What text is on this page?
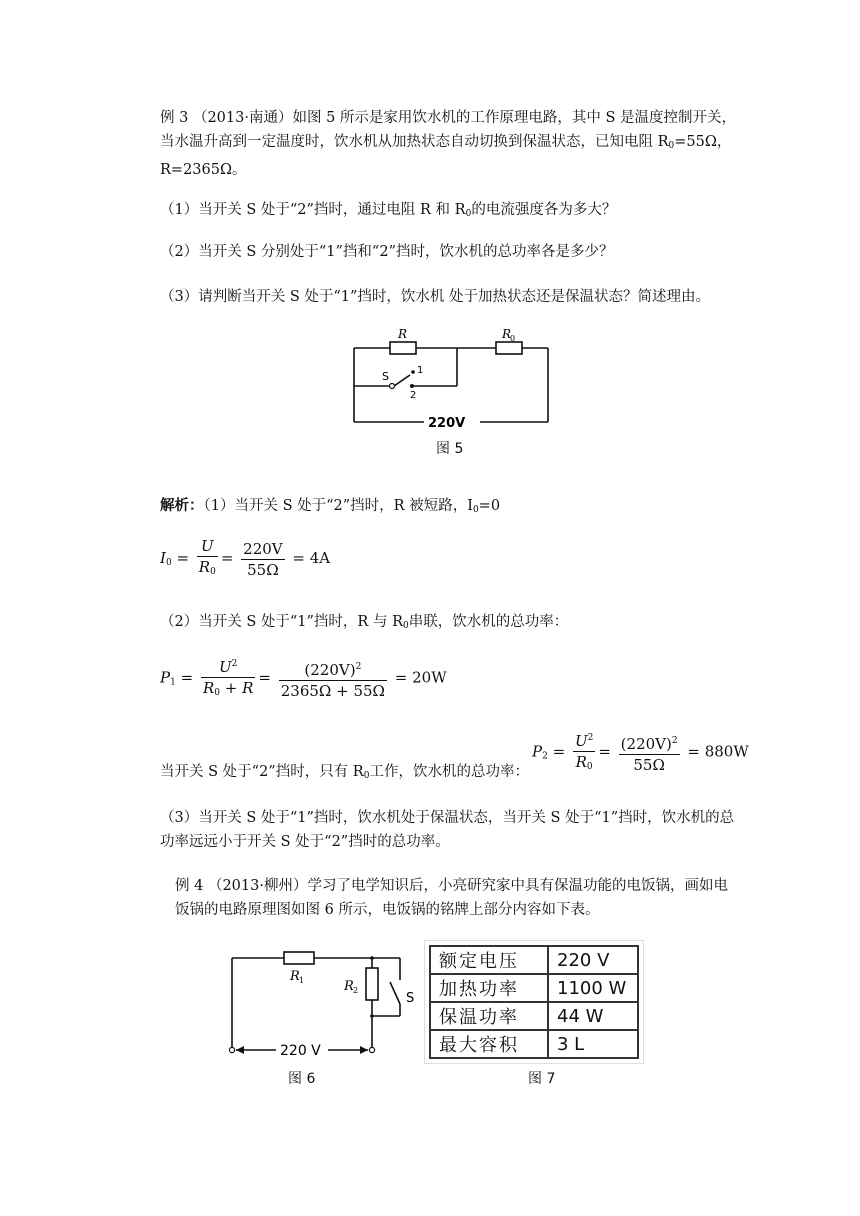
例 3 （2013·南通）如图 5 所示是家用饮水机的工作原理电路，其中 S 是温度控制开关，当水温升高到一定温度时，饮水机从加热状态自动切换到保温状态，已知电阻 $R_0=55\Omega$，R=2365Ω。
（1）当开关 S 处于“2”挡时，通过电阻 R 和 $R_0$的电流强度各为多大？
（2）当开关 S 分别处于“1”挡和“2”挡时，饮水机的总功率各是多少？
（3）请判断当开关 S 处于“1”挡时，饮水机 处于加热状态还是保温状态？简述理由。
R	R
0
S	1
2
220V
图 5
解析：（1）当开关 S 处于“2”挡时，R 被短路，$I_0=0$
$I_0 = \frac{U}{R_0} = \frac{220V}{55\Omega} = 4A$
（2）当开关 S 处于“1”挡时，R 与 $R_0$串联，饮水机的总功率：
$P_1 = \frac{U^2}{R_0 + R} = \frac{(220V)^2}{2365\Omega + 55\Omega} = 20W$
当开关 S 处于“2”挡时，只有 $R_0$工作，饮水机的总功率：
$P_2 = \frac{U^2}{R_0} = \frac{(220V)^2}{55\Omega} = 880W$
（3）当开关 S 处于“1”挡时，饮水机处于保温状态，当开关 S 处于“1”挡时，饮水机的总功率远远小于开关 S 处于“2”挡时的总功率。
例 4 （2013·柳州）学习了电学知识后，小亮研究家中具有保温功能的电饭锅，画如电饭锅的电路原理图如图 6 所示，电饭锅的铭牌上部分内容如下表。
R 1	R 2
S
220 V
图 6
额定电压	220 V
加热功率	1100 W
保温功率	44 W
最大容积	3 L
图 7
